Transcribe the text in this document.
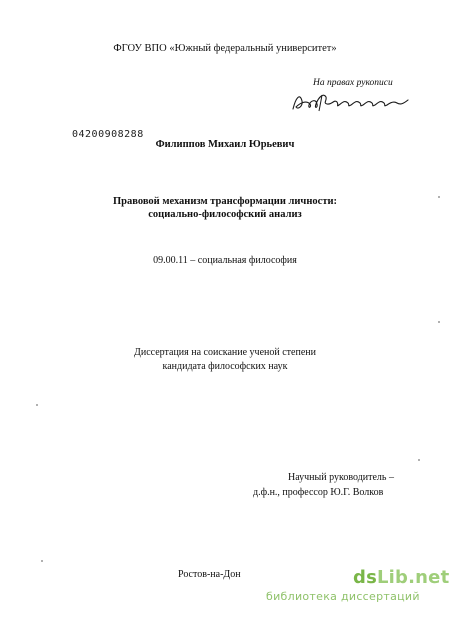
ФГОУ ВПО «Южный федеральный университет»
На правах рукописи
04200908288
Филиппов Михаил Юрьевич
Правовой механизм трансформации личности:
социально-философский анализ
09.00.11 – социальная философия
Диссертация на соискание ученой степени
кандидата философских наук
Научный руководитель –
д.ф.н., профессор Ю.Г. Волков
Ростов-на-Дон	dsLib.net
библиотека диссертаций
